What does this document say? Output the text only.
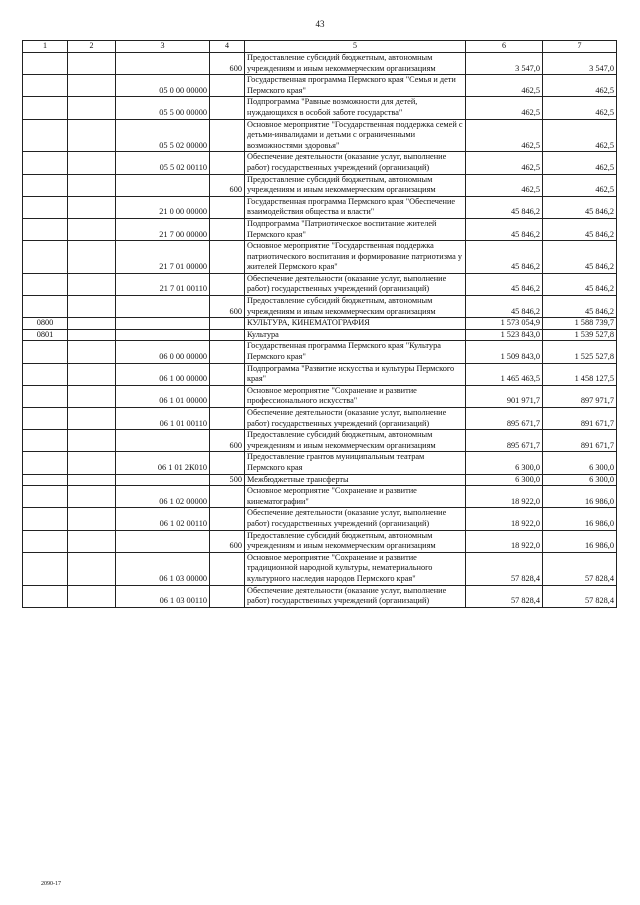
43
1	2	3	4	5	6	7
			600	Предоставление субсидий бюджетным, автономным учреждениям и иным некоммерческим организациям	3 547,0	3 547,0
		05 0 00 00000		Государственная программа Пермского края "Семья и дети Пермского края"	462,5	462,5
		05 5 00 00000		Подпрограмма "Равные возможности для детей, нуждающихся в особой заботе государства"	462,5	462,5
		05 5 02 00000		Основное мероприятие "Государственная поддержка семей с детьми-инвалидами и детьми с ограниченными возможностями здоровья"	462,5	462,5
		05 5 02 00110		Обеспечение деятельности (оказание услуг, выполнение работ) государственных учреждений (организаций)	462,5	462,5
			600	Предоставление субсидий бюджетным, автономным учреждениям и иным некоммерческим организациям	462,5	462,5
		21 0 00 00000		Государственная программа Пермского края "Обеспечение взаимодействия общества и власти"	45 846,2	45 846,2
		21 7 00 00000		Подпрограмма "Патриотическое воспитание жителей Пермского края"	45 846,2	45 846,2
		21 7 01 00000		Основное мероприятие "Государственная поддержка патриотического воспитания и формирование патриотизма у жителей Пермского края"	45 846,2	45 846,2
		21 7 01 00110		Обеспечение деятельности (оказание услуг, выполнение работ) государственных учреждений (организаций)	45 846,2	45 846,2
			600	Предоставление субсидий бюджетным, автономным учреждениям и иным некоммерческим организациям	45 846,2	45 846,2
0800				КУЛЬТУРА, КИНЕМАТОГРАФИЯ	1 573 054,9	1 588 739,7
0801				Культура	1 523 843,0	1 539 527,8
		06 0 00 00000		Государственная программа Пермского края "Культура Пермского края"	1 509 843,0	1 525 527,8
		06 1 00 00000		Подпрограмма "Развитие искусства и культуры Пермского края"	1 465 463,5	1 458 127,5
		06 1 01 00000		Основное мероприятие "Сохранение и развитие профессионального искусства"	901 971,7	897 971,7
		06 1 01 00110		Обеспечение деятельности (оказание услуг, выполнение работ) государственных учреждений (организаций)	895 671,7	891 671,7
			600	Предоставление субсидий бюджетным, автономным учреждениям и иным некоммерческим организациям	895 671,7	891 671,7
		06 1 01 2К010		Предоставление грантов муниципальным театрам Пермского края	6 300,0	6 300,0
			500	Межбюджетные трансферты	6 300,0	6 300,0
		06 1 02 00000		Основное мероприятие "Сохранение и развитие кинематографии"	18 922,0	16 986,0
		06 1 02 00110		Обеспечение деятельности (оказание услуг, выполнение работ) государственных учреждений (организаций)	18 922,0	16 986,0
			600	Предоставление субсидий бюджетным, автономным учреждениям и иным некоммерческим организациям	18 922,0	16 986,0
		06 1 03 00000		Основное мероприятие "Сохранение и развитие традиционной народной культуры, нематериального культурного наследия народов Пермского края"	57 828,4	57 828,4
		06 1 03 00110		Обеспечение деятельности (оказание услуг, выполнение работ) государственных учреждений (организаций)	57 828,4	57 828,4
2090-17
